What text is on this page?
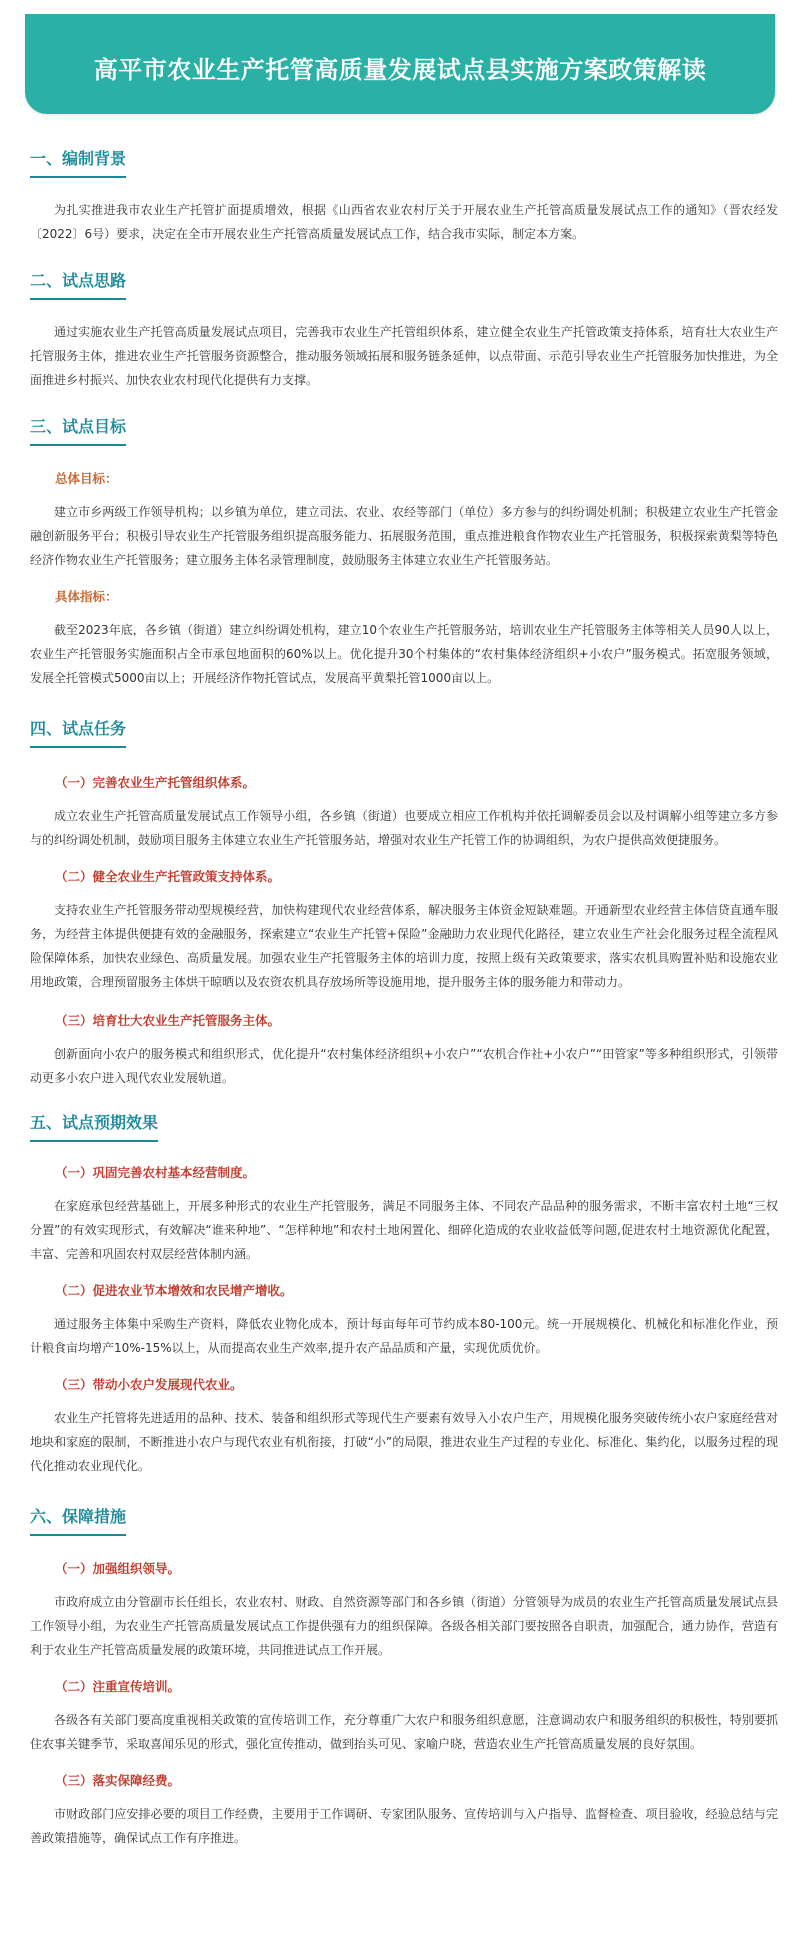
高平市农业生产托管高质量发展试点县实施方案政策解读
一、编制背景

为扎实推进我市农业生产托管扩面提质增效，根据《山西省农业农村厅关于开展农业生产托管高质量发展试点工作的通知》（晋农经发〔2022〕6号）要求，决定在全市开展农业生产托管高质量发展试点工作，结合我市实际，制定本方案。

二、试点思路

通过实施农业生产托管高质量发展试点项目，完善我市农业生产托管组织体系，建立健全农业生产托管政策支持体系，培育壮大农业生产托管服务主体，推进农业生产托管服务资源整合，推动服务领域拓展和服务链条延伸，以点带面、示范引导农业生产托管服务加快推进，为全面推进乡村振兴、加快农业农村现代化提供有力支撑。

三、试点目标
总体目标：

建立市乡两级工作领导机构；以乡镇为单位，建立司法、农业、农经等部门（单位）多方参与的纠纷调处机制；积极建立农业生产托管金融创新服务平台；积极引导农业生产托管服务组织提高服务能力、拓展服务范围，重点推进粮食作物农业生产托管服务，积极探索黄梨等特色经济作物农业生产托管服务；建立服务主体名录管理制度，鼓励服务主体建立农业生产托管服务站。

具体指标：

截至2023年底，各乡镇（街道）建立纠纷调处机构，建立10个农业生产托管服务站，培训农业生产托管服务主体等相关人员90人以上，农业生产托管服务实施面积占全市承包地面积的60%以上。优化提升30个村集体的“农村集体经济组织+小农户”服务模式。拓宽服务领域，发展全托管模式5000亩以上；开展经济作物托管试点，发展高平黄梨托管1000亩以上。

四、试点任务
（一）完善农业生产托管组织体系。

成立农业生产托管高质量发展试点工作领导小组，各乡镇（街道）也要成立相应工作机构并依托调解委员会以及村调解小组等建立多方参与的纠纷调处机制，鼓励项目服务主体建立农业生产托管服务站，增强对农业生产托管工作的协调组织，为农户提供高效便捷服务。

（二）健全农业生产托管政策支持体系。

支持农业生产托管服务带动型规模经营，加快构建现代农业经营体系，解决服务主体资金短缺难题。开通新型农业经营主体信贷直通车服务，为经营主体提供便捷有效的金融服务，探索建立“农业生产托管+保险”金融助力农业现代化路径，建立农业生产社会化服务过程全流程风险保障体系，加快农业绿色、高质量发展。加强农业生产托管服务主体的培训力度，按照上级有关政策要求，落实农机具购置补贴和设施农业用地政策，合理预留服务主体烘干晾晒以及农资农机具存放场所等设施用地，提升服务主体的服务能力和带动力。

（三）培育壮大农业生产托管服务主体。

创新面向小农户的服务模式和组织形式，优化提升“农村集体经济组织+小农户”“农机合作社+小农户”“田管家”等多种组织形式，引领带动更多小农户进入现代农业发展轨道。

五、试点预期效果
（一）巩固完善农村基本经营制度。

在家庭承包经营基础上，开展多种形式的农业生产托管服务，满足不同服务主体、不同农产品品种的服务需求，不断丰富农村土地“三权分置”的有效实现形式，有效解决“谁来种地”、“怎样种地”和农村土地闲置化、细碎化造成的农业收益低等问题,促进农村土地资源优化配置，丰富、完善和巩固农村双层经营体制内涵。

（二）促进农业节本增效和农民增产增收。

通过服务主体集中采购生产资料，降低农业物化成本，预计每亩每年可节约成本80-100元。统一开展规模化、机械化和标准化作业，预计粮食亩均增产10%-15%以上，从而提高农业生产效率,提升农产品品质和产量，实现优质优价。

（三）带动小农户发展现代农业。

农业生产托管将先进适用的品种、技术、装备和组织形式等现代生产要素有效导入小农户生产，用规模化服务突破传统小农户家庭经营对地块和家庭的限制，不断推进小农户与现代农业有机衔接，打破“小”的局限，推进农业生产过程的专业化、标准化、集约化，以服务过程的现代化推动农业现代化。

六、保障措施
（一）加强组织领导。

市政府成立由分管副市长任组长，农业农村、财政、自然资源等部门和各乡镇（街道）分管领导为成员的农业生产托管高质量发展试点县工作领导小组，为农业生产托管高质量发展试点工作提供强有力的组织保障。各级各相关部门要按照各自职责，加强配合，通力协作，营造有利于农业生产托管高质量发展的政策环境，共同推进试点工作开展。

（二）注重宣传培训。

各级各有关部门要高度重视相关政策的宣传培训工作，充分尊重广大农户和服务组织意愿，注意调动农户和服务组织的积极性，特别要抓住农事关键季节，采取喜闻乐见的形式，强化宣传推动，做到抬头可见、家喻户晓，营造农业生产托管高质量发展的良好氛围。

（三）落实保障经费。

市财政部门应安排必要的项目工作经费，主要用于工作调研、专家团队服务、宣传培训与入户指导、监督检查、项目验收，经验总结与完善政策措施等，确保试点工作有序推进。
